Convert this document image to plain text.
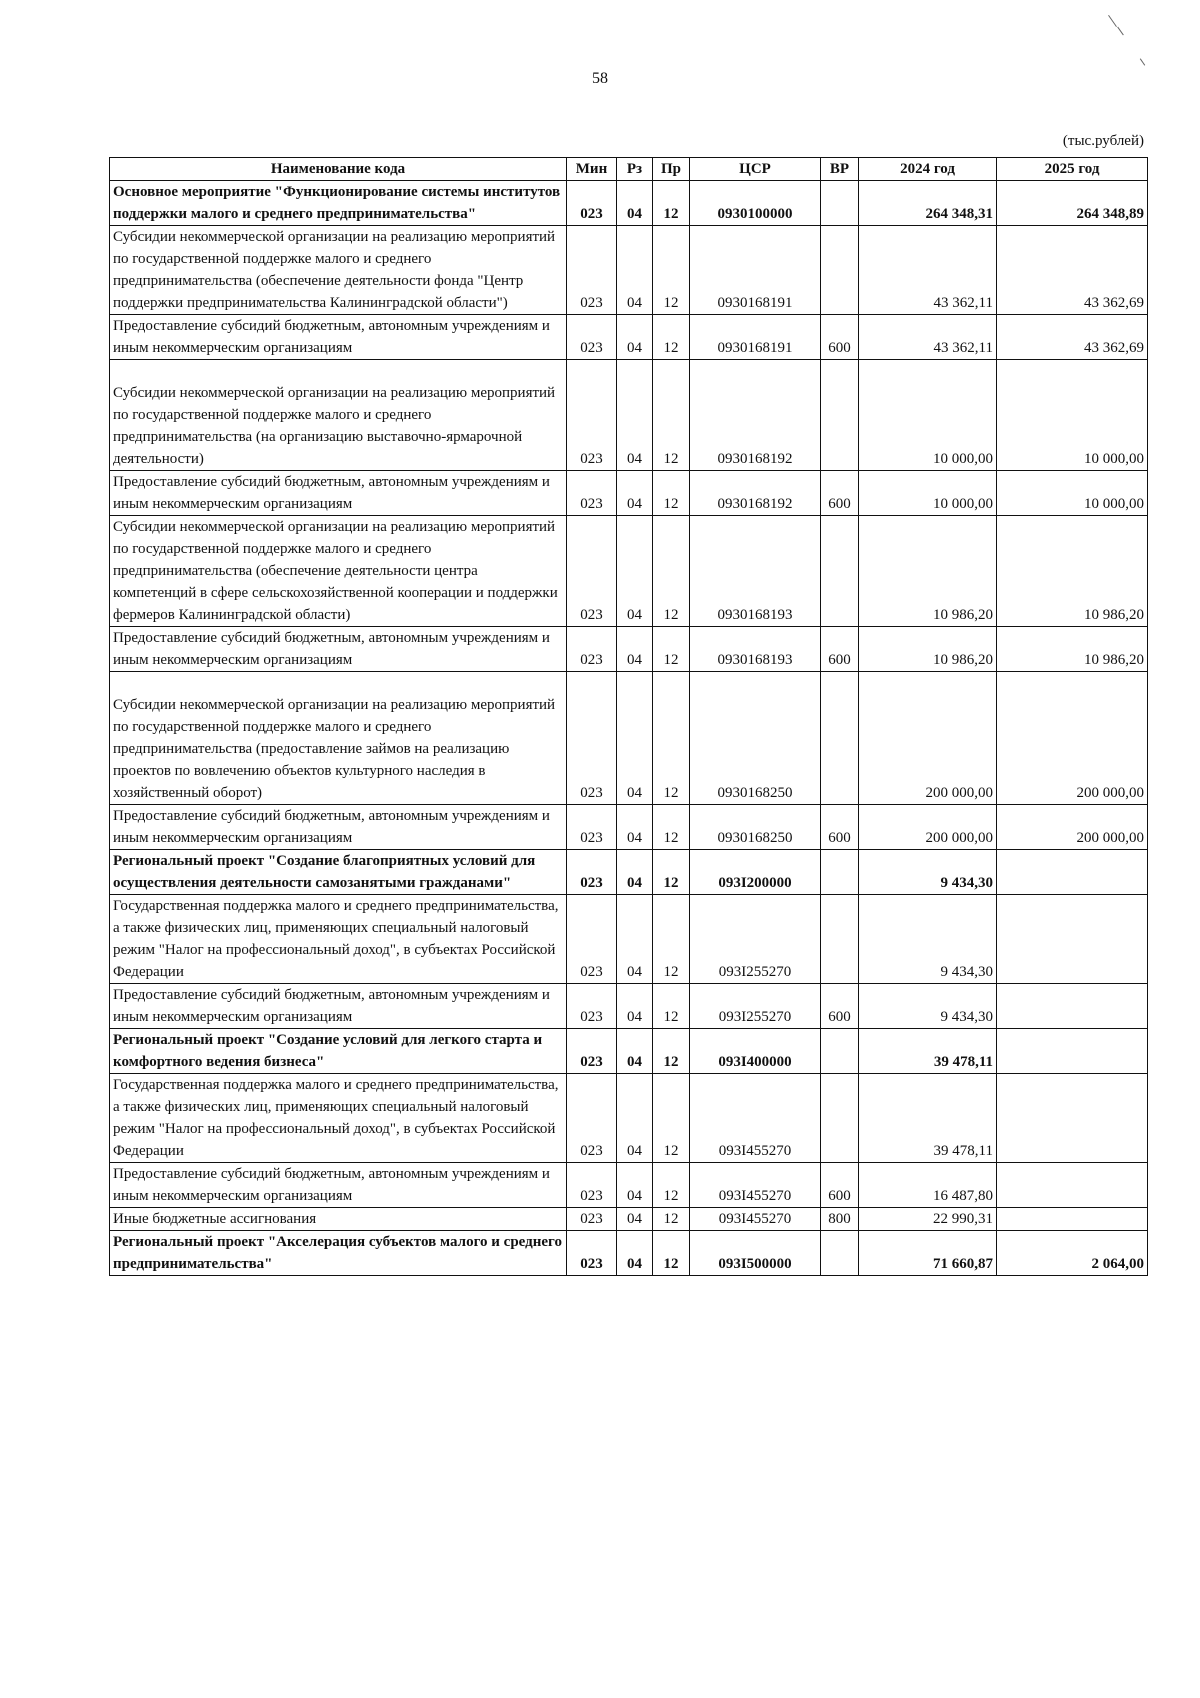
58
(тыс.рублей)
Наименование кода	Мин	Рз	Пр	ЦСР	ВР	2024 год	2025 год
Основное мероприятие "Функционирование системы институтов поддержки малого и среднего предпринимательства"	023	04	12	0930100000		264 348,31	264 348,89
Субсидии некоммерческой организации на реализацию мероприятий по государственной поддержке малого и среднего предпринимательства (обеспечение деятельности фонда "Центр поддержки предпринимательства Калининградской области")	023	04	12	0930168191		43 362,11	43 362,69
Предоставление субсидий бюджетным, автономным учреждениям и иным некоммерческим организациям	023	04	12	0930168191	600	43 362,11	43 362,69
Субсидии некоммерческой организации на реализацию мероприятий по государственной поддержке малого и среднего предпринимательства (на организацию выставочно-ярмарочной деятельности)	023	04	12	0930168192		10 000,00	10 000,00
Предоставление субсидий бюджетным, автономным учреждениям и иным некоммерческим организациям	023	04	12	0930168192	600	10 000,00	10 000,00
Субсидии некоммерческой организации на реализацию мероприятий по государственной поддержке малого и среднего предпринимательства (обеспечение деятельности центра компетенций в сфере сельскохозяйственной кооперации и поддержки фермеров Калининградской области)	023	04	12	0930168193		10 986,20	10 986,20
Предоставление субсидий бюджетным, автономным учреждениям и иным некоммерческим организациям	023	04	12	0930168193	600	10 986,20	10 986,20
Субсидии некоммерческой организации на реализацию мероприятий по государственной поддержке малого и среднего предпринимательства (предоставление займов на реализацию проектов по вовлечению объектов культурного наследия в хозяйственный оборот)	023	04	12	0930168250		200 000,00	200 000,00
Предоставление субсидий бюджетным, автономным учреждениям и иным некоммерческим организациям	023	04	12	0930168250	600	200 000,00	200 000,00
Региональный проект "Создание благоприятных условий для осуществления деятельности самозанятыми гражданами"	023	04	12	093I200000		9 434,30	
Государственная поддержка малого и среднего предпринимательства, а также физических лиц, применяющих специальный налоговый режим "Налог на профессиональный доход", в субъектах Российской Федерации	023	04	12	093I255270		9 434,30	
Предоставление субсидий бюджетным, автономным учреждениям и иным некоммерческим организациям	023	04	12	093I255270	600	9 434,30	
Региональный проект "Создание условий для легкого старта и комфортного ведения бизнеса"	023	04	12	093I400000		39 478,11	
Государственная поддержка малого и среднего предпринимательства, а также физических лиц, применяющих специальный налоговый режим "Налог на профессиональный доход", в субъектах Российской Федерации	023	04	12	093I455270		39 478,11	
Предоставление субсидий бюджетным, автономным учреждениям и иным некоммерческим организациям	023	04	12	093I455270	600	16 487,80	
Иные бюджетные ассигнования	023	04	12	093I455270	800	22 990,31	
Региональный проект "Акселерация субъектов малого и среднего предпринимательства"	023	04	12	093I500000		71 660,87	2 064,00
